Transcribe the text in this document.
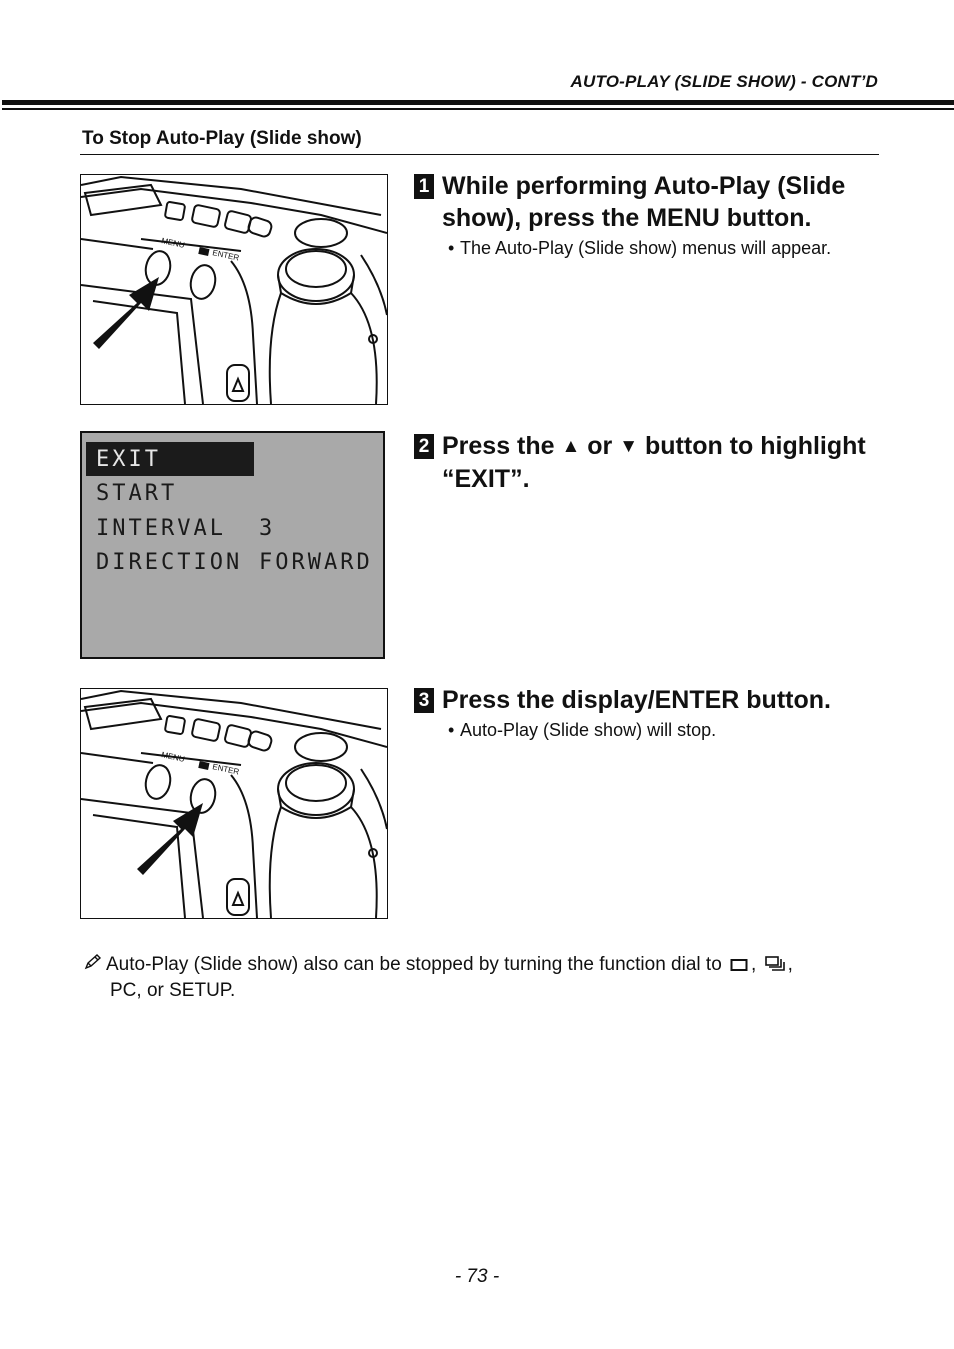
AUTO-PLAY (SLIDE SHOW) - CONT’D
To Stop Auto-Play (Slide show)
MENU
ENTER
EXIT
START
INTERVAL 3
DIRECTION FORWARD
MENU
ENTER
1 While performing Auto-Play (Slide show), press the MENU button.
• The Auto-Play (Slide show) menus will appear.
2 Press the ▲ or ▼ button to highlight “EXIT”.
3 Press the display/ENTER button.
• Auto-Play (Slide show) will stop.
Auto-Play (Slide show) also can be stopped by turning the function dial to , ,
PC, or SETUP.
- 73 -
